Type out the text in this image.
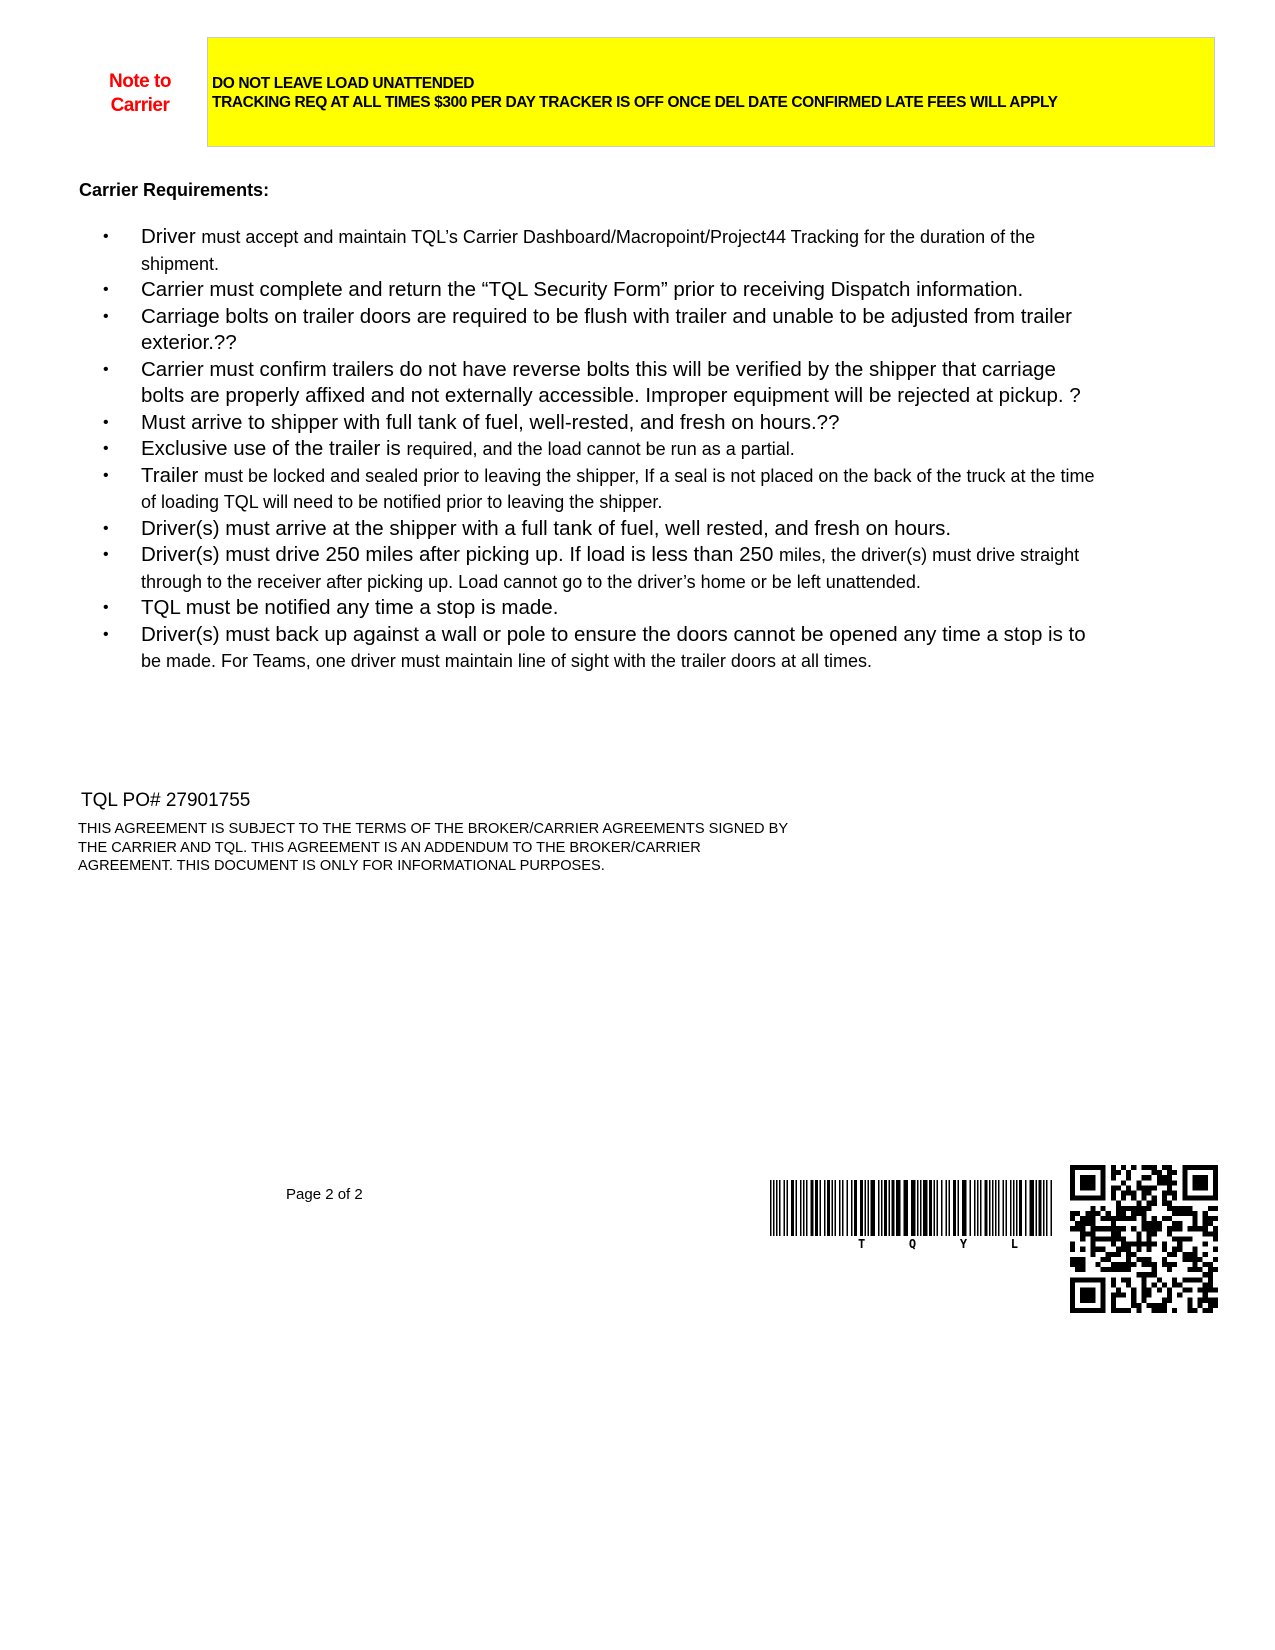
Note to
Carrier
DO NOT LEAVE LOAD UNATTENDED
TRACKING REQ AT ALL TIMES $300 PER DAY TRACKER IS OFF ONCE DEL DATE CONFIRMED LATE FEES WILL APPLY
Carrier Requirements:
• Driver must accept and maintain TQL’s Carrier Dashboard/Macropoint/Project44 Tracking for the duration of the shipment.
• Carrier must complete and return the “TQL Security Form” prior to receiving Dispatch information.
• Carriage bolts on trailer doors are required to be flush with trailer and unable to be adjusted from trailer exterior.??
• Carrier must confirm trailers do not have reverse bolts this will be verified by the shipper that carriage bolts are properly affixed and not externally accessible. Improper equipment will be rejected at pickup. ?
• Must arrive to shipper with full tank of fuel, well-rested, and fresh on hours.??
• Exclusive use of the trailer is required, and the load cannot be run as a partial.
• Trailer must be locked and sealed prior to leaving the shipper, If a seal is not placed on the back of the truck at the time of loading TQL will need to be notified prior to leaving the shipper.
• Driver(s) must arrive at the shipper with a full tank of fuel, well rested, and fresh on hours.
• Driver(s) must drive 250 miles after picking up. If load is less than 250 miles, the driver(s) must drive straight through to the receiver after picking up. Load cannot go to the driver’s home or be left unattended.
• TQL must be notified any time a stop is made.
• Driver(s) must back up against a wall or pole to ensure the doors cannot be opened any time a stop is to be made. For Teams, one driver must maintain line of sight with the trailer doors at all times.
TQL PO# 27901755
THIS AGREEMENT IS SUBJECT TO THE TERMS OF THE BROKER/CARRIER AGREEMENTS SIGNED BY THE CARRIER AND TQL. THIS AGREEMENT IS AN ADDENDUM TO THE BROKER/CARRIER AGREEMENT. THIS DOCUMENT IS ONLY FOR INFORMATIONAL PURPOSES.
Page 2 of 2
T	Q	Y	L
